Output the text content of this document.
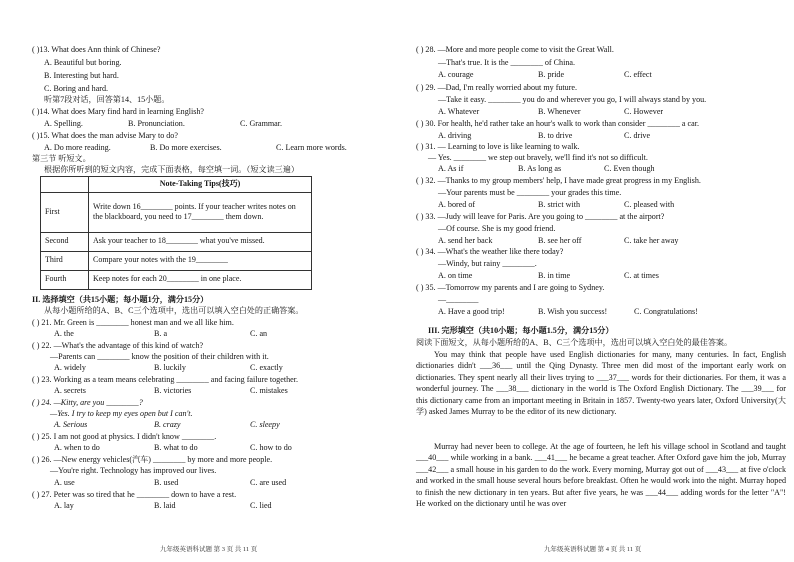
( )13. What does Ann think of Chinese?
A. Beautiful but boring.
B. Interesting but hard.
C. Boring and hard.
听第7段对话，回答第14、15小题。
( )14. What does Mary find hard in learning English?
A. Spelling.	B. Pronunciation.	C. Grammar.
( )15. What does the man advise Mary to do?
A. Do more reading.	B. Do more exercises.	C. Learn more words.
第三节 听短文。
根据你所听到的短文内容，完成下面表格，每空填一词。（短文读三遍）
	Note-Taking Tips(技巧)
First	Write down 16________ points. If your teacher writes notes on the blackboard, you need to 17________ them down.
Second	Ask your teacher to 18________ what you've missed.
Third	Compare your notes with the 19________
Fourth	Keep notes for each 20________ in one place.
II. 选择填空（共15小题；每小题1分，满分15分）
从每小题所给的A、B、C三个选项中，选出可以填入空白处的正确答案。
( ) 21. Mr. Green is ________ honest man and we all like him.
A. the	B. a	C. an
( ) 22. —What's the advantage of this kind of watch?
—Parents can ________ know the position of their children with it.
A. widely	B. luckily	C. exactly
( ) 23. Working as a team means celebrating ________ and facing failure together.
A. secrets	B. victories	C. mistakes
( ) 24. —Kitty, are you ________?
—Yes. I try to keep my eyes open but I can't.
A. Serious	B. crazy	C. sleepy
( ) 25. I am not good at physics. I didn't know ________.
A. when to do	B. what to do	C. how to do
( ) 26. —New energy vehicles(汽车) ________ by more and more people.
—You're right. Technology has improved our lives.
A. use	B. used	C. are used
( ) 27. Peter was so tired that he ________ down to have a rest.
A. lay	B. laid	C. lied
九年级英语科试题 第 3 页 共 11 页
( ) 28. —More and more people come to visit the Great Wall.
—That's true. It is the ________ of China.
A. courage	B. pride	C. effect
( ) 29. —Dad, I'm really worried about my future.
—Take it easy. ________ you do and wherever you go, I will always stand by you.
A. Whatever	B. Whenever	C. However
( ) 30. For health, he'd rather take an hour's walk to work than consider ________ a car.
A. driving	B. to drive	C. drive
( ) 31. — Learning to love is like learning to walk.
— Yes. ________ we step out bravely, we'll find it's not so difficult.
A. As if	B. As long as	C. Even though
( ) 32. —Thanks to my group members' help, I have made great progress in my English.
—Your parents must be ________ your grades this time.
A. bored of	B. strict with	C. pleased with
( ) 33. —Judy will leave for Paris. Are you going to ________ at the airport?
—Of course. She is my good friend.
A. send her back	B. see her off	C. take her away
( ) 34. —What's the weather like there today?
—Windy, but rainy ________.
A. on time	B. in time	C. at times
( ) 35. —Tomorrow my parents and I are going to Sydney.
—________
A. Have a good trip!	B. Wish you success!	C. Congratulations!
III. 完形填空（共10小题；每小题1.5分，满分15分）
阅读下面短文，从每小题所给的A、B、C三个选项中，选出可以填入空白处的最佳答案。
You may think that people have used English dictionaries for many, many centuries. In fact, English dictionaries didn't ___36___ until the Qing Dynasty. Three men did most of the important early work on dictionaries. They spent nearly all their lives trying to ___37___ words for their dictionaries. For them, it was a wonderful journey. The ___38___ dictionary in the world is The Oxford English Dictionary. The ___39___ for this dictionary came from an important meeting in Britain in 1857. Twenty-two years later, Oxford University(大学) asked James Murray to be the editor of its new dictionary.
Murray had never been to college. At the age of fourteen, he left his village school in Scotland and taught ___40___ while working in a bank. ___41___ he became a great teacher. After Oxford gave him the job, Murray ___42___ a small house in his garden to do the work. Every morning, Murray got out of ___43___ at five o'clock and worked in the small house several hours before breakfast. Often he would work into the night. Murray hoped to finish the new dictionary in ten years. But after five years, he was ___44___ adding words for the letter "A"! He worked on the dictionary until he was over
九年级英语科试题 第 4 页 共 11 页
